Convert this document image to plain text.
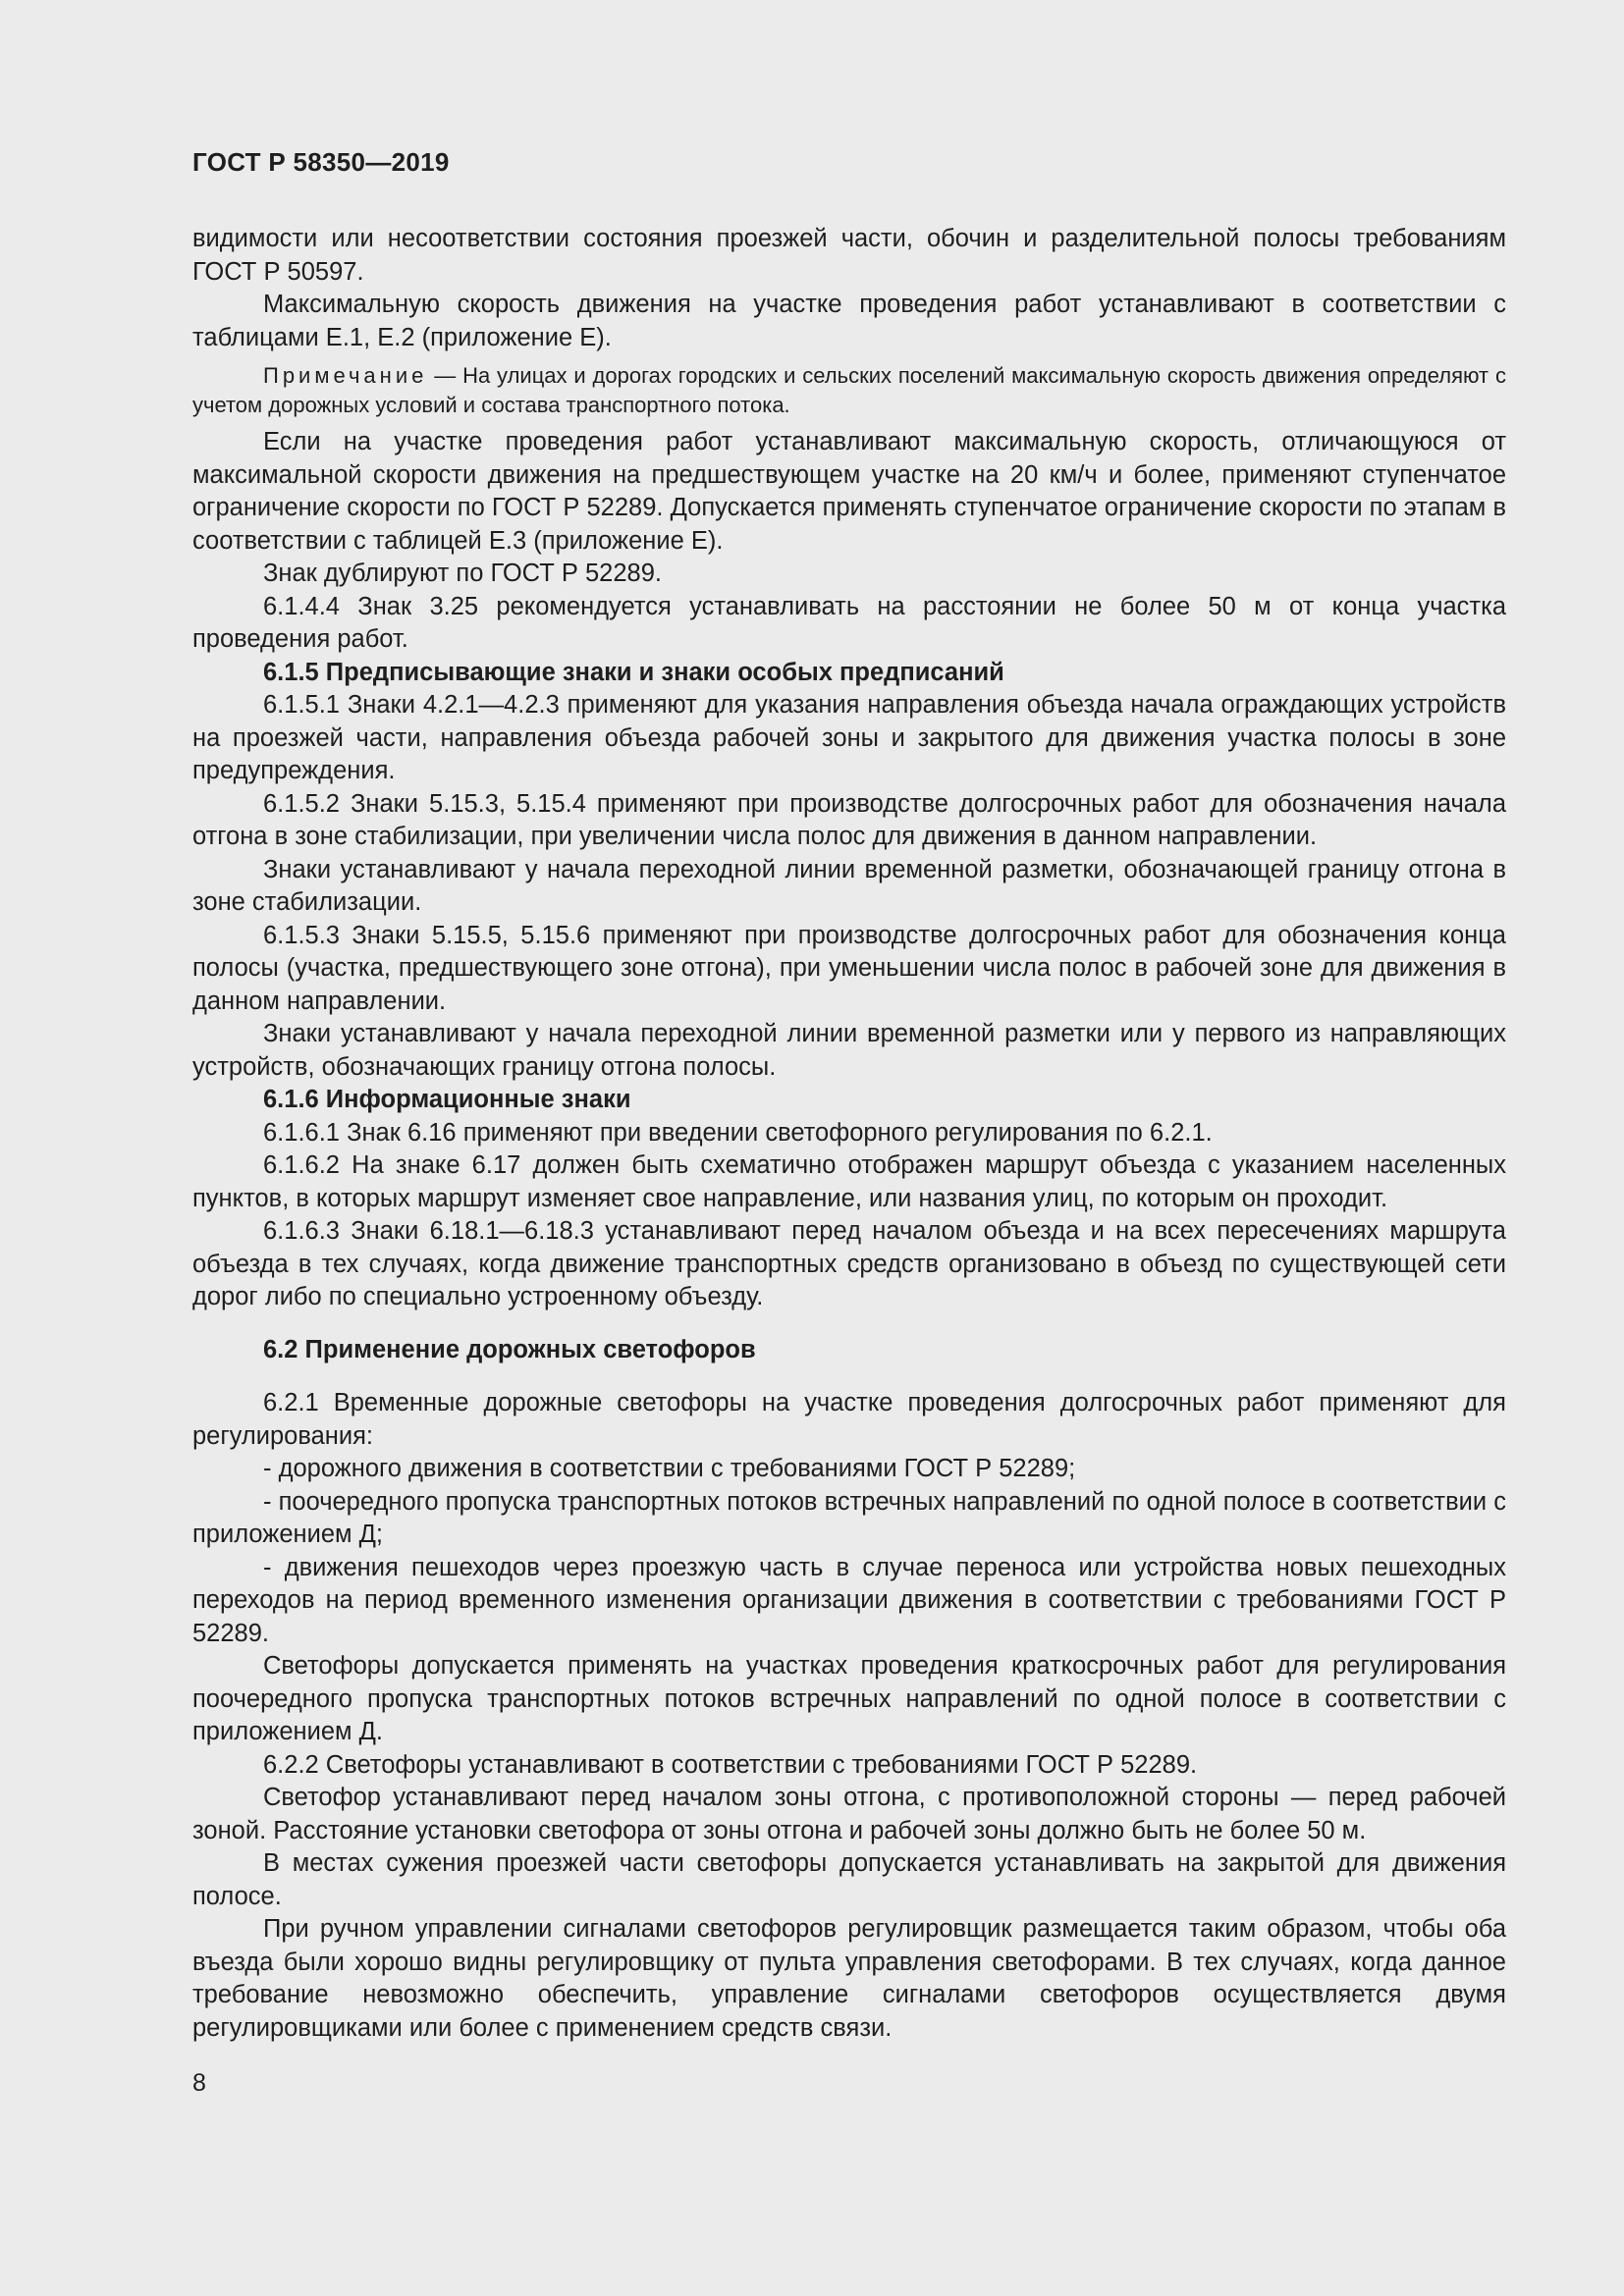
ГОСТ Р 58350—2019

видимости или несоответствии состояния проезжей части, обочин и разделительной полосы требованиям ГОСТ Р 50597.

Максимальную скорость движения на участке проведения работ устанавливают в соответствии с таблицами Е.1, Е.2 (приложение Е).

Примечание — На улицах и дорогах городских и сельских поселений максимальную скорость движения определяют с учетом дорожных условий и состава транспортного потока.

Если на участке проведения работ устанавливают максимальную скорость, отличающуюся от максимальной скорости движения на предшествующем участке на 20 км/ч и более, применяют ступенчатое ограничение скорости по ГОСТ Р 52289. Допускается применять ступенчатое ограничение скорости по этапам в соответствии с таблицей Е.3 (приложение Е).

Знак дублируют по ГОСТ Р 52289.

6.1.4.4 Знак 3.25 рекомендуется устанавливать на расстоянии не более 50 м от конца участка проведения работ.

6.1.5 Предписывающие знаки и знаки особых предписаний

6.1.5.1 Знаки 4.2.1—4.2.3 применяют для указания направления объезда начала ограждающих устройств на проезжей части, направления объезда рабочей зоны и закрытого для движения участка полосы в зоне предупреждения.

6.1.5.2 Знаки 5.15.3, 5.15.4 применяют при производстве долгосрочных работ для обозначения начала отгона в зоне стабилизации, при увеличении числа полос для движения в данном направлении.

Знаки устанавливают у начала переходной линии временной разметки, обозначающей границу отгона в зоне стабилизации.

6.1.5.3 Знаки 5.15.5, 5.15.6 применяют при производстве долгосрочных работ для обозначения конца полосы (участка, предшествующего зоне отгона), при уменьшении числа полос в рабочей зоне для движения в данном направлении.

Знаки устанавливают у начала переходной линии временной разметки или у первого из направляющих устройств, обозначающих границу отгона полосы.

6.1.6 Информационные знаки

6.1.6.1 Знак 6.16 применяют при введении светофорного регулирования по 6.2.1.

6.1.6.2 На знаке 6.17 должен быть схематично отображен маршрут объезда с указанием населенных пунктов, в которых маршрут изменяет свое направление, или названия улиц, по которым он проходит.

6.1.6.3 Знаки 6.18.1—6.18.3 устанавливают перед началом объезда и на всех пересечениях маршрута объезда в тех случаях, когда движение транспортных средств организовано в объезд по существующей сети дорог либо по специально устроенному объезду.

6.2 Применение дорожных светофоров

6.2.1 Временные дорожные светофоры на участке проведения долгосрочных работ применяют для регулирования:

- дорожного движения в соответствии с требованиями ГОСТ Р 52289;

- поочередного пропуска транспортных потоков встречных направлений по одной полосе в соответствии с приложением Д;

- движения пешеходов через проезжую часть в случае переноса или устройства новых пешеходных переходов на период временного изменения организации движения в соответствии с требованиями ГОСТ Р 52289.

Светофоры допускается применять на участках проведения краткосрочных работ для регулирования поочередного пропуска транспортных потоков встречных направлений по одной полосе в соответствии с приложением Д.

6.2.2 Светофоры устанавливают в соответствии с требованиями ГОСТ Р 52289.

Светофор устанавливают перед началом зоны отгона, с противоположной стороны — перед рабочей зоной. Расстояние установки светофора от зоны отгона и рабочей зоны должно быть не более 50 м.

В местах сужения проезжей части светофоры допускается устанавливать на закрытой для движения полосе.

При ручном управлении сигналами светофоров регулировщик размещается таким образом, чтобы оба въезда были хорошо видны регулировщику от пульта управления светофорами. В тех случаях, когда данное требование невозможно обеспечить, управление сигналами светофоров осуществляется двумя регулировщиками или более с применением средств связи.

8
